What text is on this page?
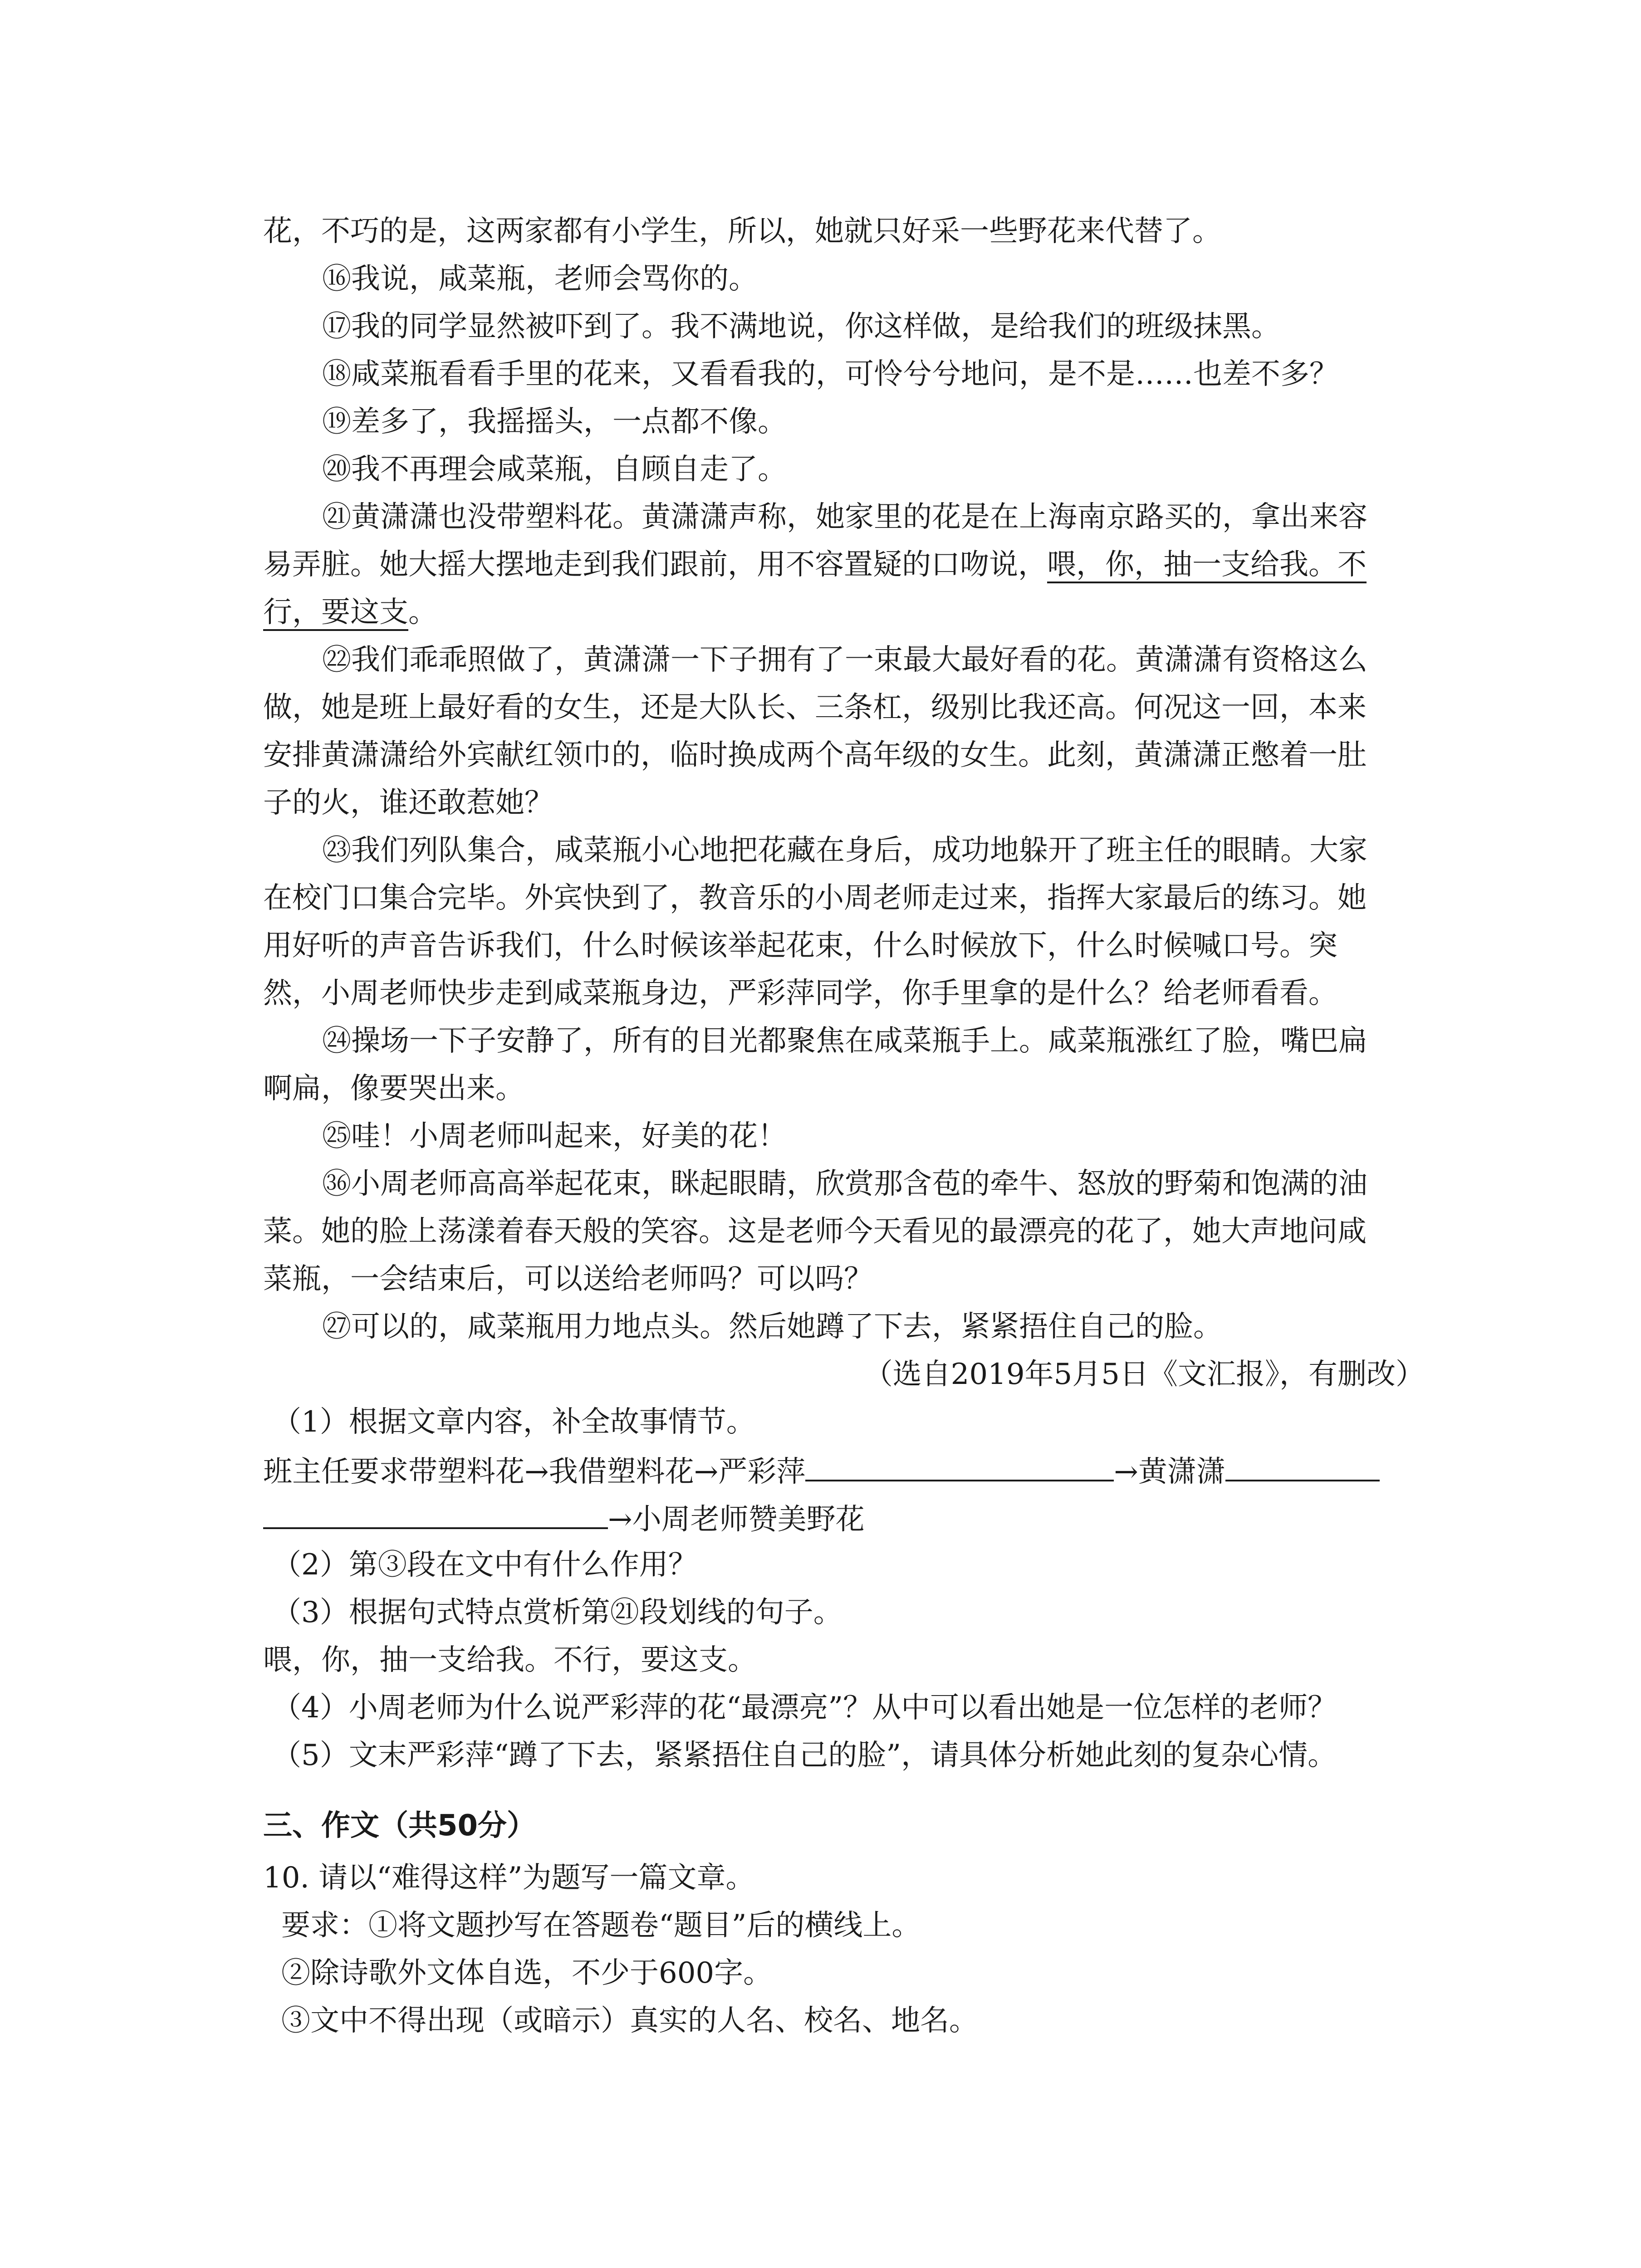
花，不巧的是，这两家都有小学生，所以，她就只好采一些野花来代替了。
⑯我说，咸菜瓶，老师会骂你的。
⑰我的同学显然被吓到了。我不满地说，你这样做，是给我们的班级抹黑。
⑱咸菜瓶看看手里的花来，又看看我的，可怜兮兮地问，是不是……也差不多？
⑲差多了，我摇摇头，一点都不像。
⑳我不再理会咸菜瓶，自顾自走了。
㉑黄潇潇也没带塑料花。黄潇潇声称，她家里的花是在上海南京路买的，拿出来容
易弄脏。她大摇大摆地走到我们跟前，用不容置疑的口吻说，喂，你，抽一支给我。不
行，要这支。
㉒我们乖乖照做了，黄潇潇一下子拥有了一束最大最好看的花。黄潇潇有资格这么
做，她是班上最好看的女生，还是大队长、三条杠，级别比我还高。何况这一回，本来
安排黄潇潇给外宾献红领巾的，临时换成两个高年级的女生。此刻，黄潇潇正憋着一肚
子的火，谁还敢惹她？
㉓我们列队集合，咸菜瓶小心地把花藏在身后，成功地躲开了班主任的眼睛。大家
在校门口集合完毕。外宾快到了，教音乐的小周老师走过来，指挥大家最后的练习。她
用好听的声音告诉我们，什么时候该举起花束，什么时候放下，什么时候喊口号。突
然，小周老师快步走到咸菜瓶身边，严彩萍同学，你手里拿的是什么？给老师看看。
㉔操场一下子安静了，所有的目光都聚焦在咸菜瓶手上。咸菜瓶涨红了脸，嘴巴扁
啊扁，像要哭出来。
㉕哇！小周老师叫起来，好美的花！
㊱小周老师高高举起花束，眯起眼睛，欣赏那含苞的牵牛、怒放的野菊和饱满的油
菜。她的脸上荡漾着春天般的笑容。这是老师今天看见的最漂亮的花了，她大声地问咸
菜瓶，一会结束后，可以送给老师吗？可以吗？
㉗可以的，咸菜瓶用力地点头。然后她蹲了下去，紧紧捂住自己的脸。
（选自2019年5月5日《文汇报》，有删改）
（1）根据文章内容，补全故事情节。
班主任要求带塑料花→我借塑料花→严彩萍	→黄潇潇
→小周老师赞美野花
（2）第③段在文中有什么作用？
（3）根据句式特点赏析第㉑段划线的句子。
喂，你，抽一支给我。不行，要这支。
（4）小周老师为什么说严彩萍的花“最漂亮”？从中可以看出她是一位怎样的老师？
（5）文末严彩萍“蹲了下去，紧紧捂住自己的脸”，请具体分析她此刻的复杂心情。
三、作文（共50分）
10. 请以“难得这样”为题写一篇文章。
要求：①将文题抄写在答题卷“题目”后的横线上。
②除诗歌外文体自选，不少于600字。
③文中不得出现（或暗示）真实的人名、校名、地名。
